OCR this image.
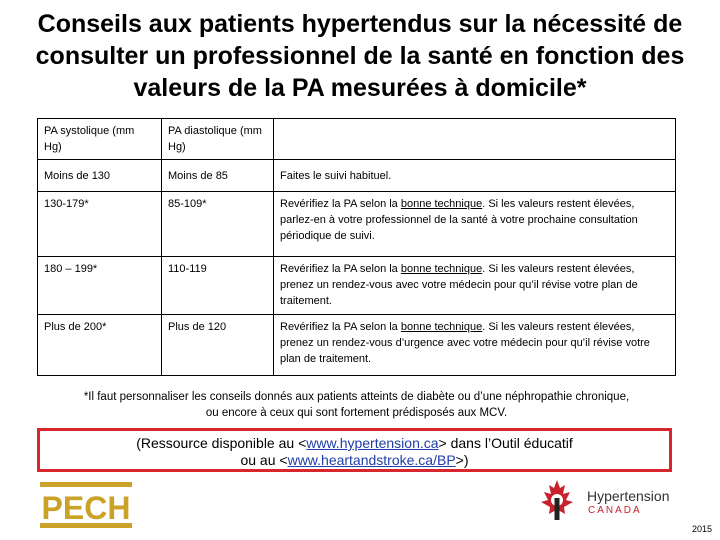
Conseils aux patients hypertendus sur la nécessité de
consulter un professionnel de la santé en fonction des
valeurs de la PA mesurées à domicile*
PA systolique (mm Hg)	PA diastolique (mm Hg)	
Moins de 130	Moins de 85	Faites le suivi habituel.
130-179*	85-109*	Revérifiez la PA selon la bonne technique. Si les valeurs restent élevées, parlez-en à votre professionnel de la santé à votre prochaine consultation périodique de suivi.
180 – 199*	110-119	Revérifiez la PA selon la bonne technique. Si les valeurs restent élevées, prenez un rendez-vous avec votre médecin pour qu’il révise votre plan de traitement.
Plus de 200*	Plus de 120	Revérifiez la PA selon la bonne technique. Si les valeurs restent élevées, prenez un rendez-vous d’urgence avec votre médecin pour qu’il révise votre plan de traitement.
*Il faut personnaliser les conseils donnés aux patients atteints de diabète ou d’une néphropathie chronique,
ou encore à ceux qui sont fortement prédisposés aux MCV.
(Ressource disponible au <www.hypertension.ca> dans l’Outil éducatif
ou au <www.heartandstroke.ca/BP>)
PECH	Hypertension
CANADA
2015
